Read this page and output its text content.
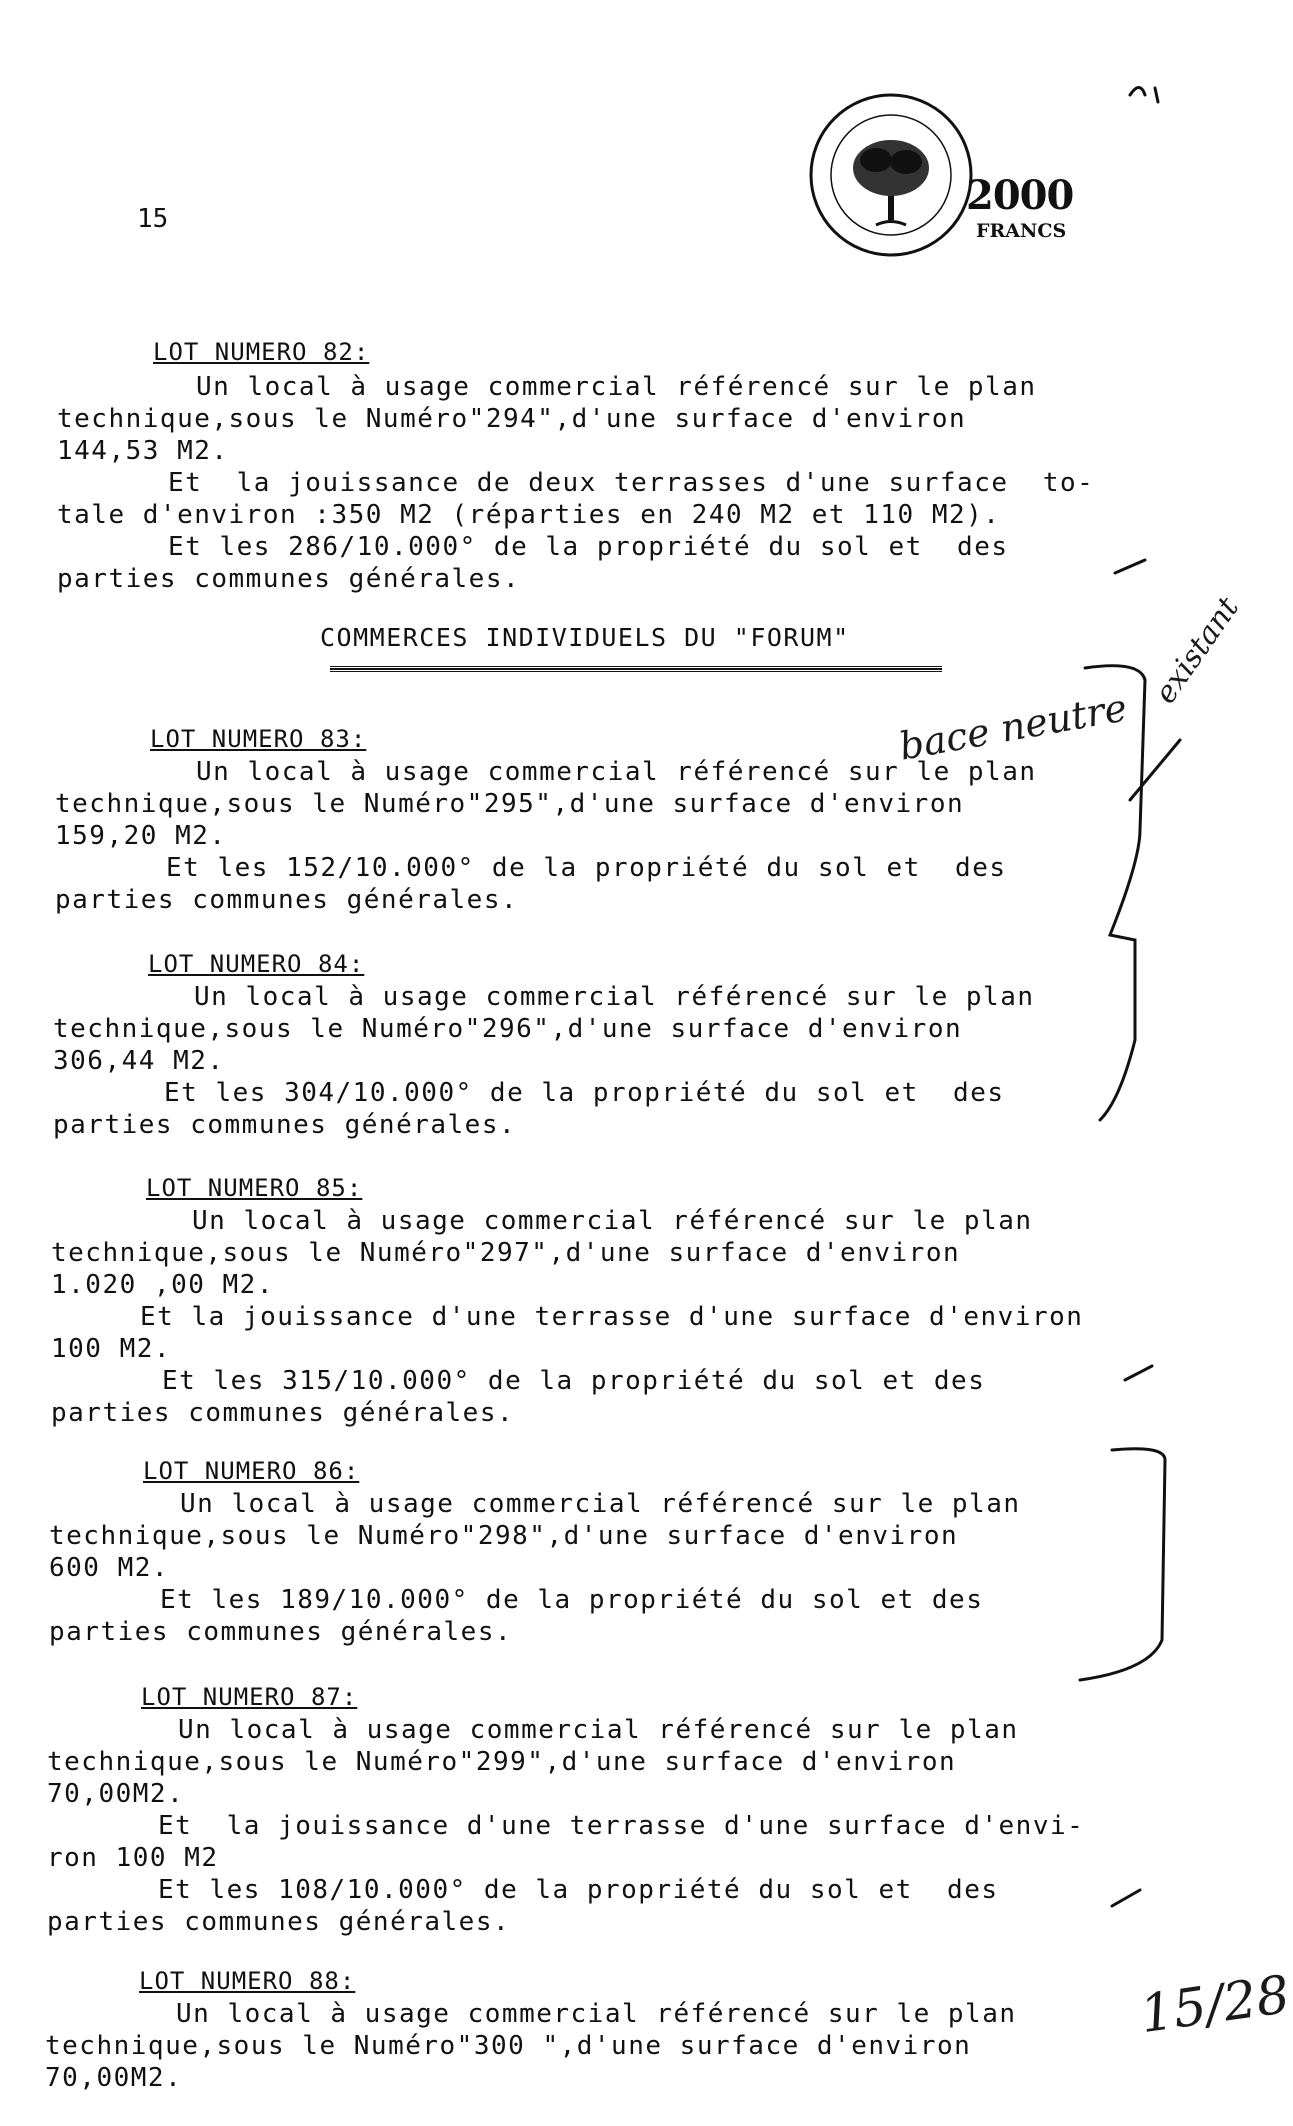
15	2000
FRANCS
LOT NUMERO 82:
Un local à usage commercial référencé sur le plan
technique,sous le Numéro"294",d'une surface d'environ
144,53 M2.
Et  la jouissance de deux terrasses d'une surface  to-
tale d'environ :350 M2 (réparties en 240 M2 et 110 M2).
Et les 286/10.000° de la propriété du sol et  des
parties communes générales.
COMMERCES INDIVIDUELS DU "FORUM"
LOT NUMERO 83:
Un local à usage commercial référencé sur le plan
technique,sous le Numéro"295",d'une surface d'environ
159,20 M2.
Et les 152/10.000° de la propriété du sol et  des
parties communes générales.
LOT NUMERO 84:
Un local à usage commercial référencé sur le plan
technique,sous le Numéro"296",d'une surface d'environ
306,44 M2.
Et les 304/10.000° de la propriété du sol et  des
parties communes générales.
LOT NUMERO 85:
Un local à usage commercial référencé sur le plan
technique,sous le Numéro"297",d'une surface d'environ
1.020 ,00 M2.
Et la jouissance d'une terrasse d'une surface d'environ
100 M2.
Et les 315/10.000° de la propriété du sol et des
parties communes générales.
LOT NUMERO 86:
Un local à usage commercial référencé sur le plan
technique,sous le Numéro"298",d'une surface d'environ
600 M2.
Et les 189/10.000° de la propriété du sol et des
parties communes générales.
LOT NUMERO 87:
Un local à usage commercial référencé sur le plan
technique,sous le Numéro"299",d'une surface d'environ
70,00M2.
Et  la jouissance d'une terrasse d'une surface d'envi-
ron 100 M2
Et les 108/10.000° de la propriété du sol et  des
parties communes générales.
LOT NUMERO 88:
Un local à usage commercial référencé sur le plan
technique,sous le Numéro"300 ",d'une surface d'environ
70,00M2.
bace neutre
existant
15/28
